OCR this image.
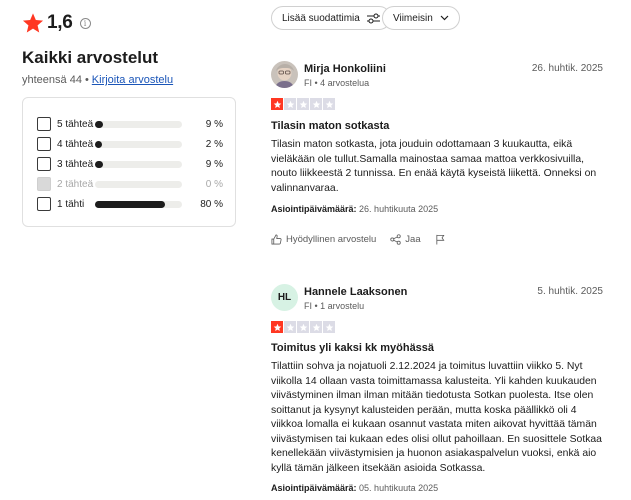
1,6	i
Kaikki arvostelut
yhteensä 44 • Kirjoita arvostelu
5 tähteä	9 %
4 tähteä	2 %
3 tähteä	9 %
2 tähteä	0 %
1 tähti	80 %
Lisää suodattimia	Viimeisin
Mirja Honkoliini
FI • 4 arvostelua
26. huhtik. 2025
Tilasin maton sotkasta
Tilasin maton sotkasta, jota jouduin odottamaan 3 kuukautta, eikä vieläkään ole tullut.Samalla mainostaa samaa mattoa verkkosivuilla, nouto liikkeestä 2 tunnissa. En enää käytä kyseistä liikettä. Onneksi on valinnanvaraa.
Asiointipäivämäärä: 26. huhtikuuta 2025
Hyödyllinen arvostelu	Jaa
HL	Hannele Laaksonen
FI • 1 arvostelu
5. huhtik. 2025
Toimitus yli kaksi kk myöhässä
Tilattiin sohva ja nojatuoli 2.12.2024 ja toimitus luvattiin viikko 5. Nyt viikolla 14 ollaan vasta toimittamassa kalusteita. Yli kahden kuukauden viivästyminen ilman ilman mitään tiedotusta Sotkan puolesta. Itse olen soittanut ja kysynyt kalusteiden perään, mutta koska päällikkö oli 4 viikkoa lomalla ei kukaan osannut vastata miten aikovat hyvittää tämän viivästymisen tai kukaan edes olisi ollut pahoillaan. En suosittele Sotkaa kenellekään viivästymisien ja huonon asiakaspalvelun vuoksi, enkä aio kyllä tämän jälkeen itsekään asioida Sotkassa.
Asiointipäivämäärä: 05. huhtikuuta 2025
